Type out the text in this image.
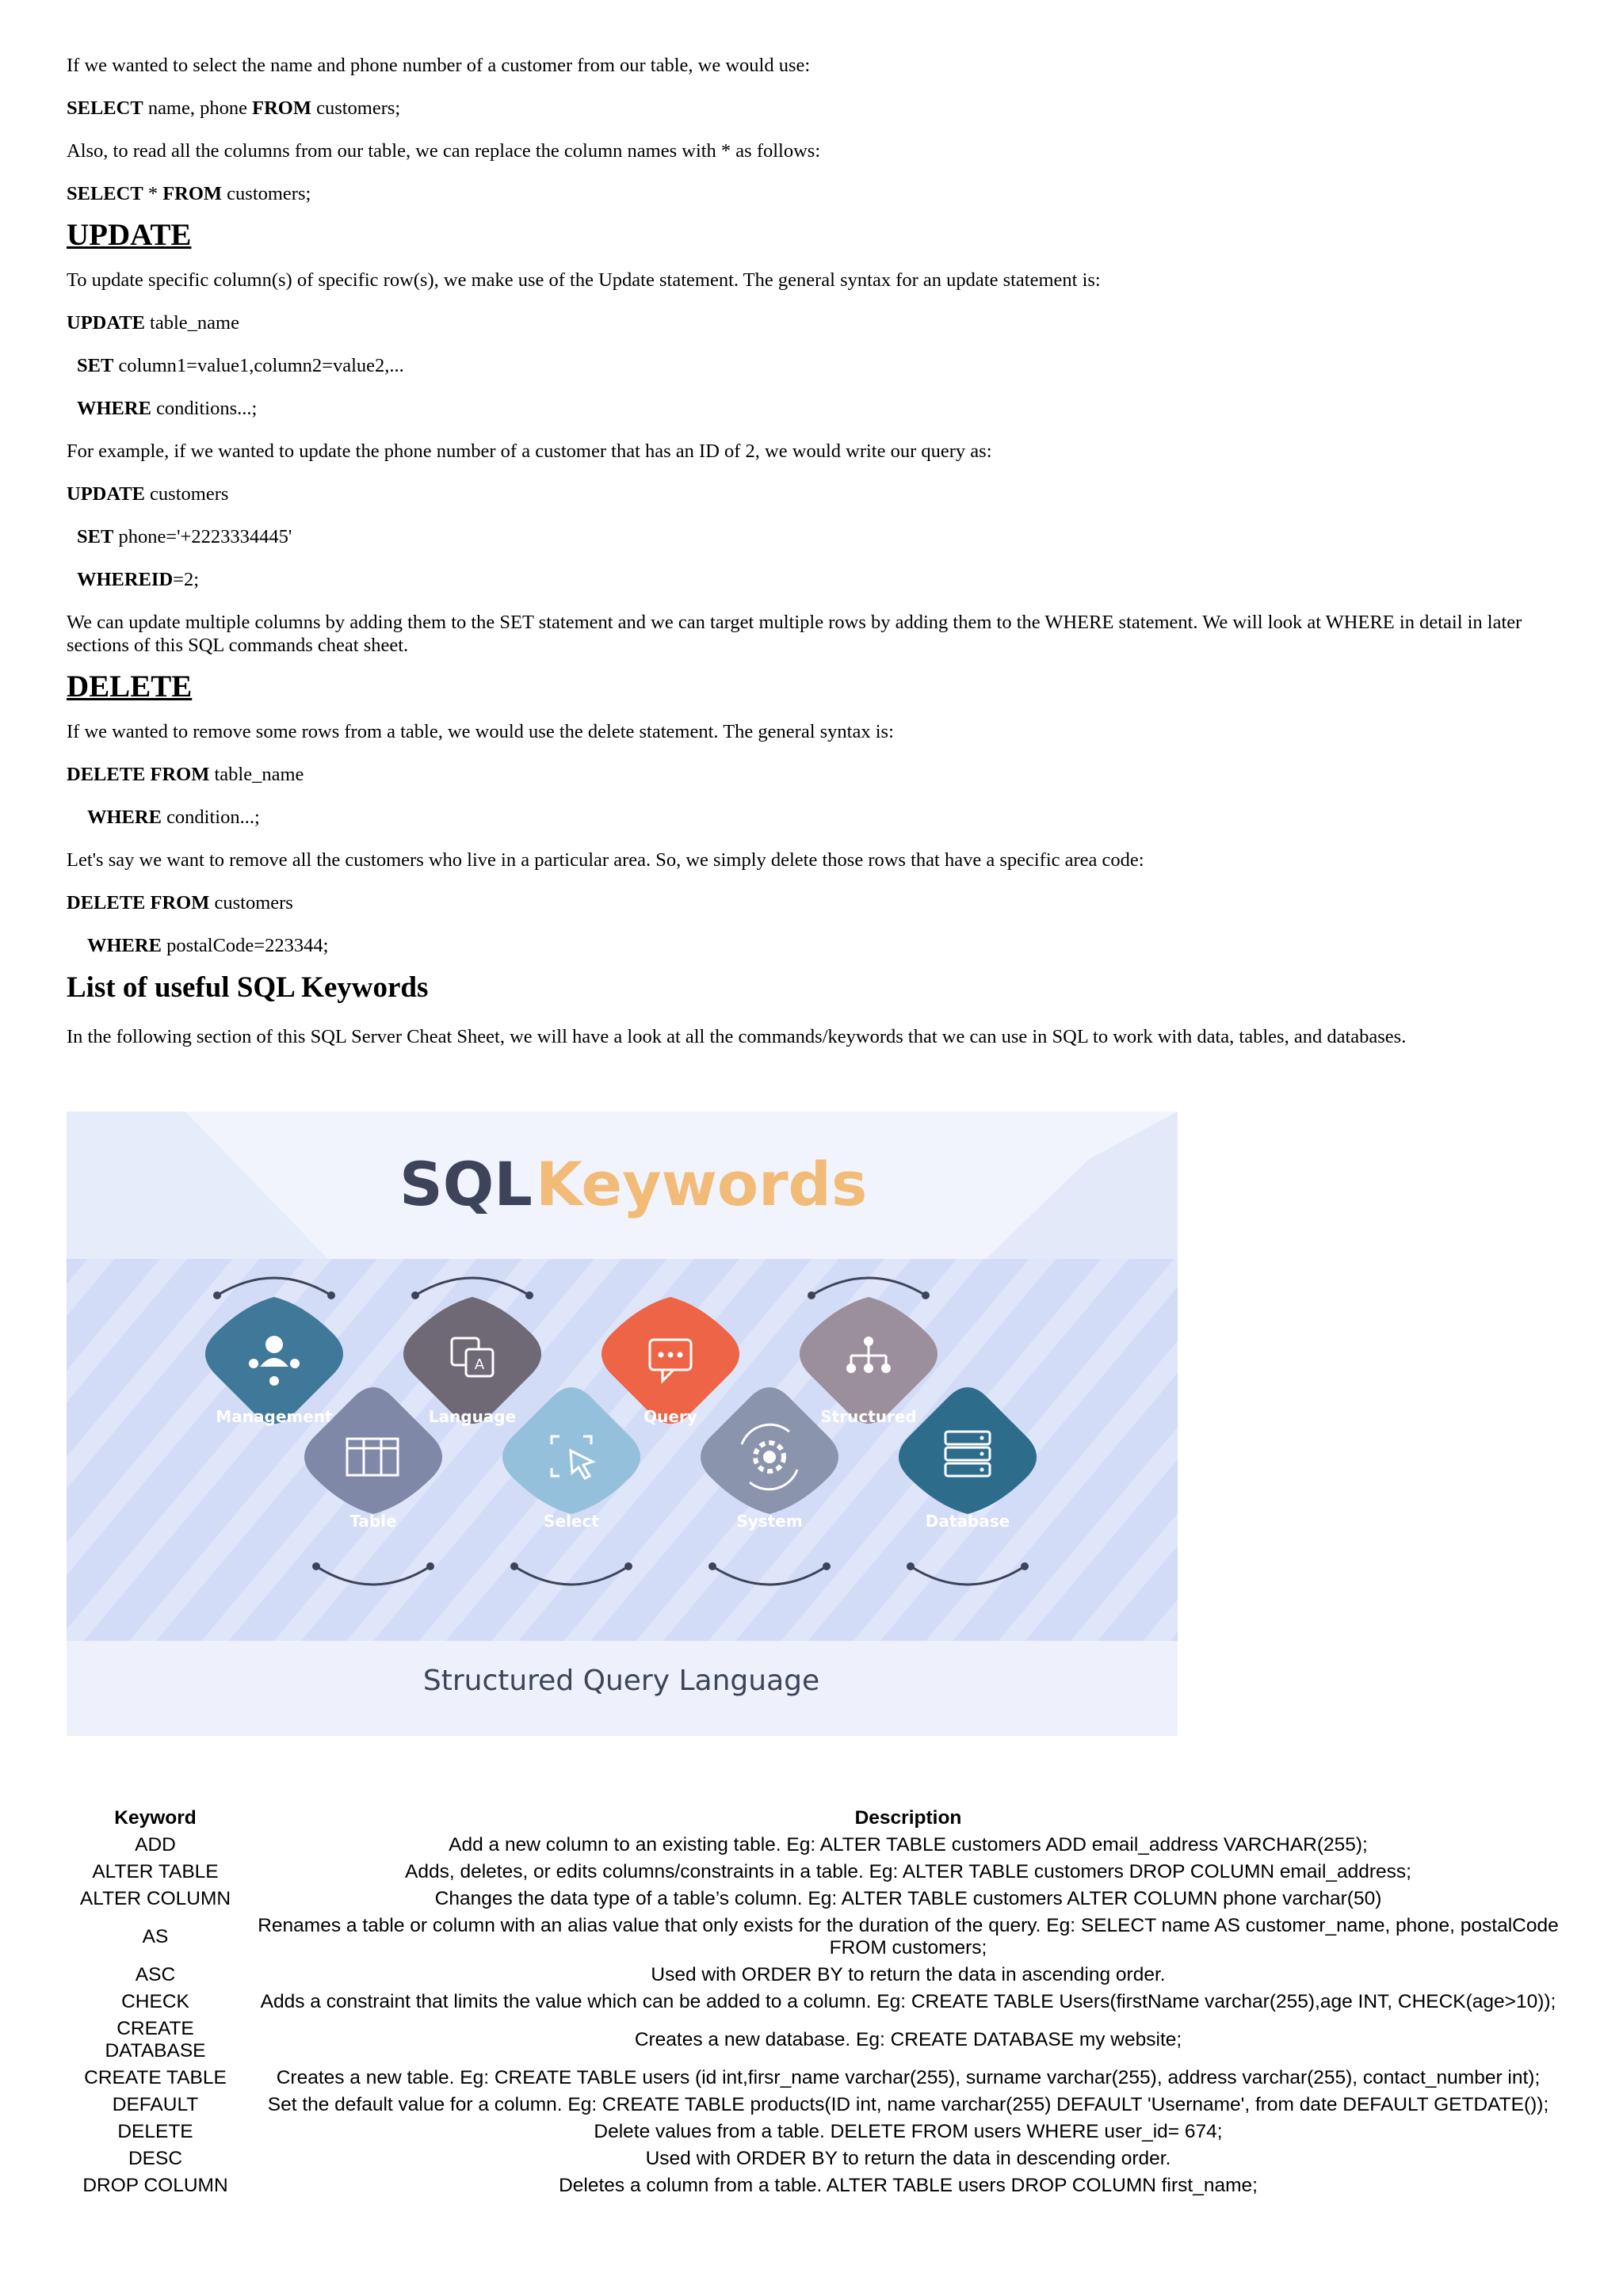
If we wanted to select the name and phone number of a customer from our table, we would use:

SELECT name, phone FROM customers;

Also, to read all the columns from our table, we can replace the column names with * as follows:

SELECT * FROM customers;

UPDATE

To update specific column(s) of specific row(s), we make use of the Update statement. The general syntax for an update statement is:

UPDATE table_name

SET column1=value1,column2=value2,...

WHERE conditions...;

For example, if we wanted to update the phone number of a customer that has an ID of 2, we would write our query as:

UPDATE customers

SET phone='+2223334445'

WHEREID=2;

We can update multiple columns by adding them to the SET statement and we can target multiple rows by adding them to the WHERE statement. We will look at WHERE in detail in later sections of this SQL commands cheat sheet.

DELETE

If we wanted to remove some rows from a table, we would use the delete statement. The general syntax is:

DELETE FROM table_name

WHERE condition...;

Let's say we want to remove all the customers who live in a particular area. So, we simply delete those rows that have a specific area code:

DELETE FROM customers

WHERE postalCode=223344;

List of useful SQL Keywords

In the following section of this SQL Server Cheat Sheet, we will have a look at all the commands/keywords that we can use in SQL to work with data, tables, and databases.

SQL Keywords
Management
A
Language	Query	Structured
Table	Select	System	Database
Structured Query Language
Keyword	Description
ADD	Add a new column to an existing table. Eg: ALTER TABLE customers ADD email_address VARCHAR(255);
ALTER TABLE	Adds, deletes, or edits columns/constraints in a table. Eg: ALTER TABLE customers DROP COLUMN email_address;
ALTER COLUMN	Changes the data type of a table’s column. Eg: ALTER TABLE customers ALTER COLUMN phone varchar(50)
AS	Renames a table or column with an alias value that only exists for the duration of the query. Eg: SELECT name AS customer_name, phone, postalCode FROM customers;
ASC	Used with ORDER BY to return the data in ascending order.
CHECK	Adds a constraint that limits the value which can be added to a column. Eg: CREATE TABLE Users(firstName varchar(255),age INT, CHECK(age>10));
CREATE DATABASE	Creates a new database. Eg: CREATE DATABASE my website;
CREATE TABLE	Creates a new table. Eg: CREATE TABLE users (id int,firsr_name varchar(255), surname varchar(255), address varchar(255), contact_number int);
DEFAULT	Set the default value for a column. Eg: CREATE TABLE products(ID int, name varchar(255) DEFAULT 'Username', from date DEFAULT GETDATE());
DELETE	Delete values from a table. DELETE FROM users WHERE user_id= 674;
DESC	Used with ORDER BY to return the data in descending order.
DROP COLUMN	Deletes a column from a table. ALTER TABLE users DROP COLUMN first_name;
